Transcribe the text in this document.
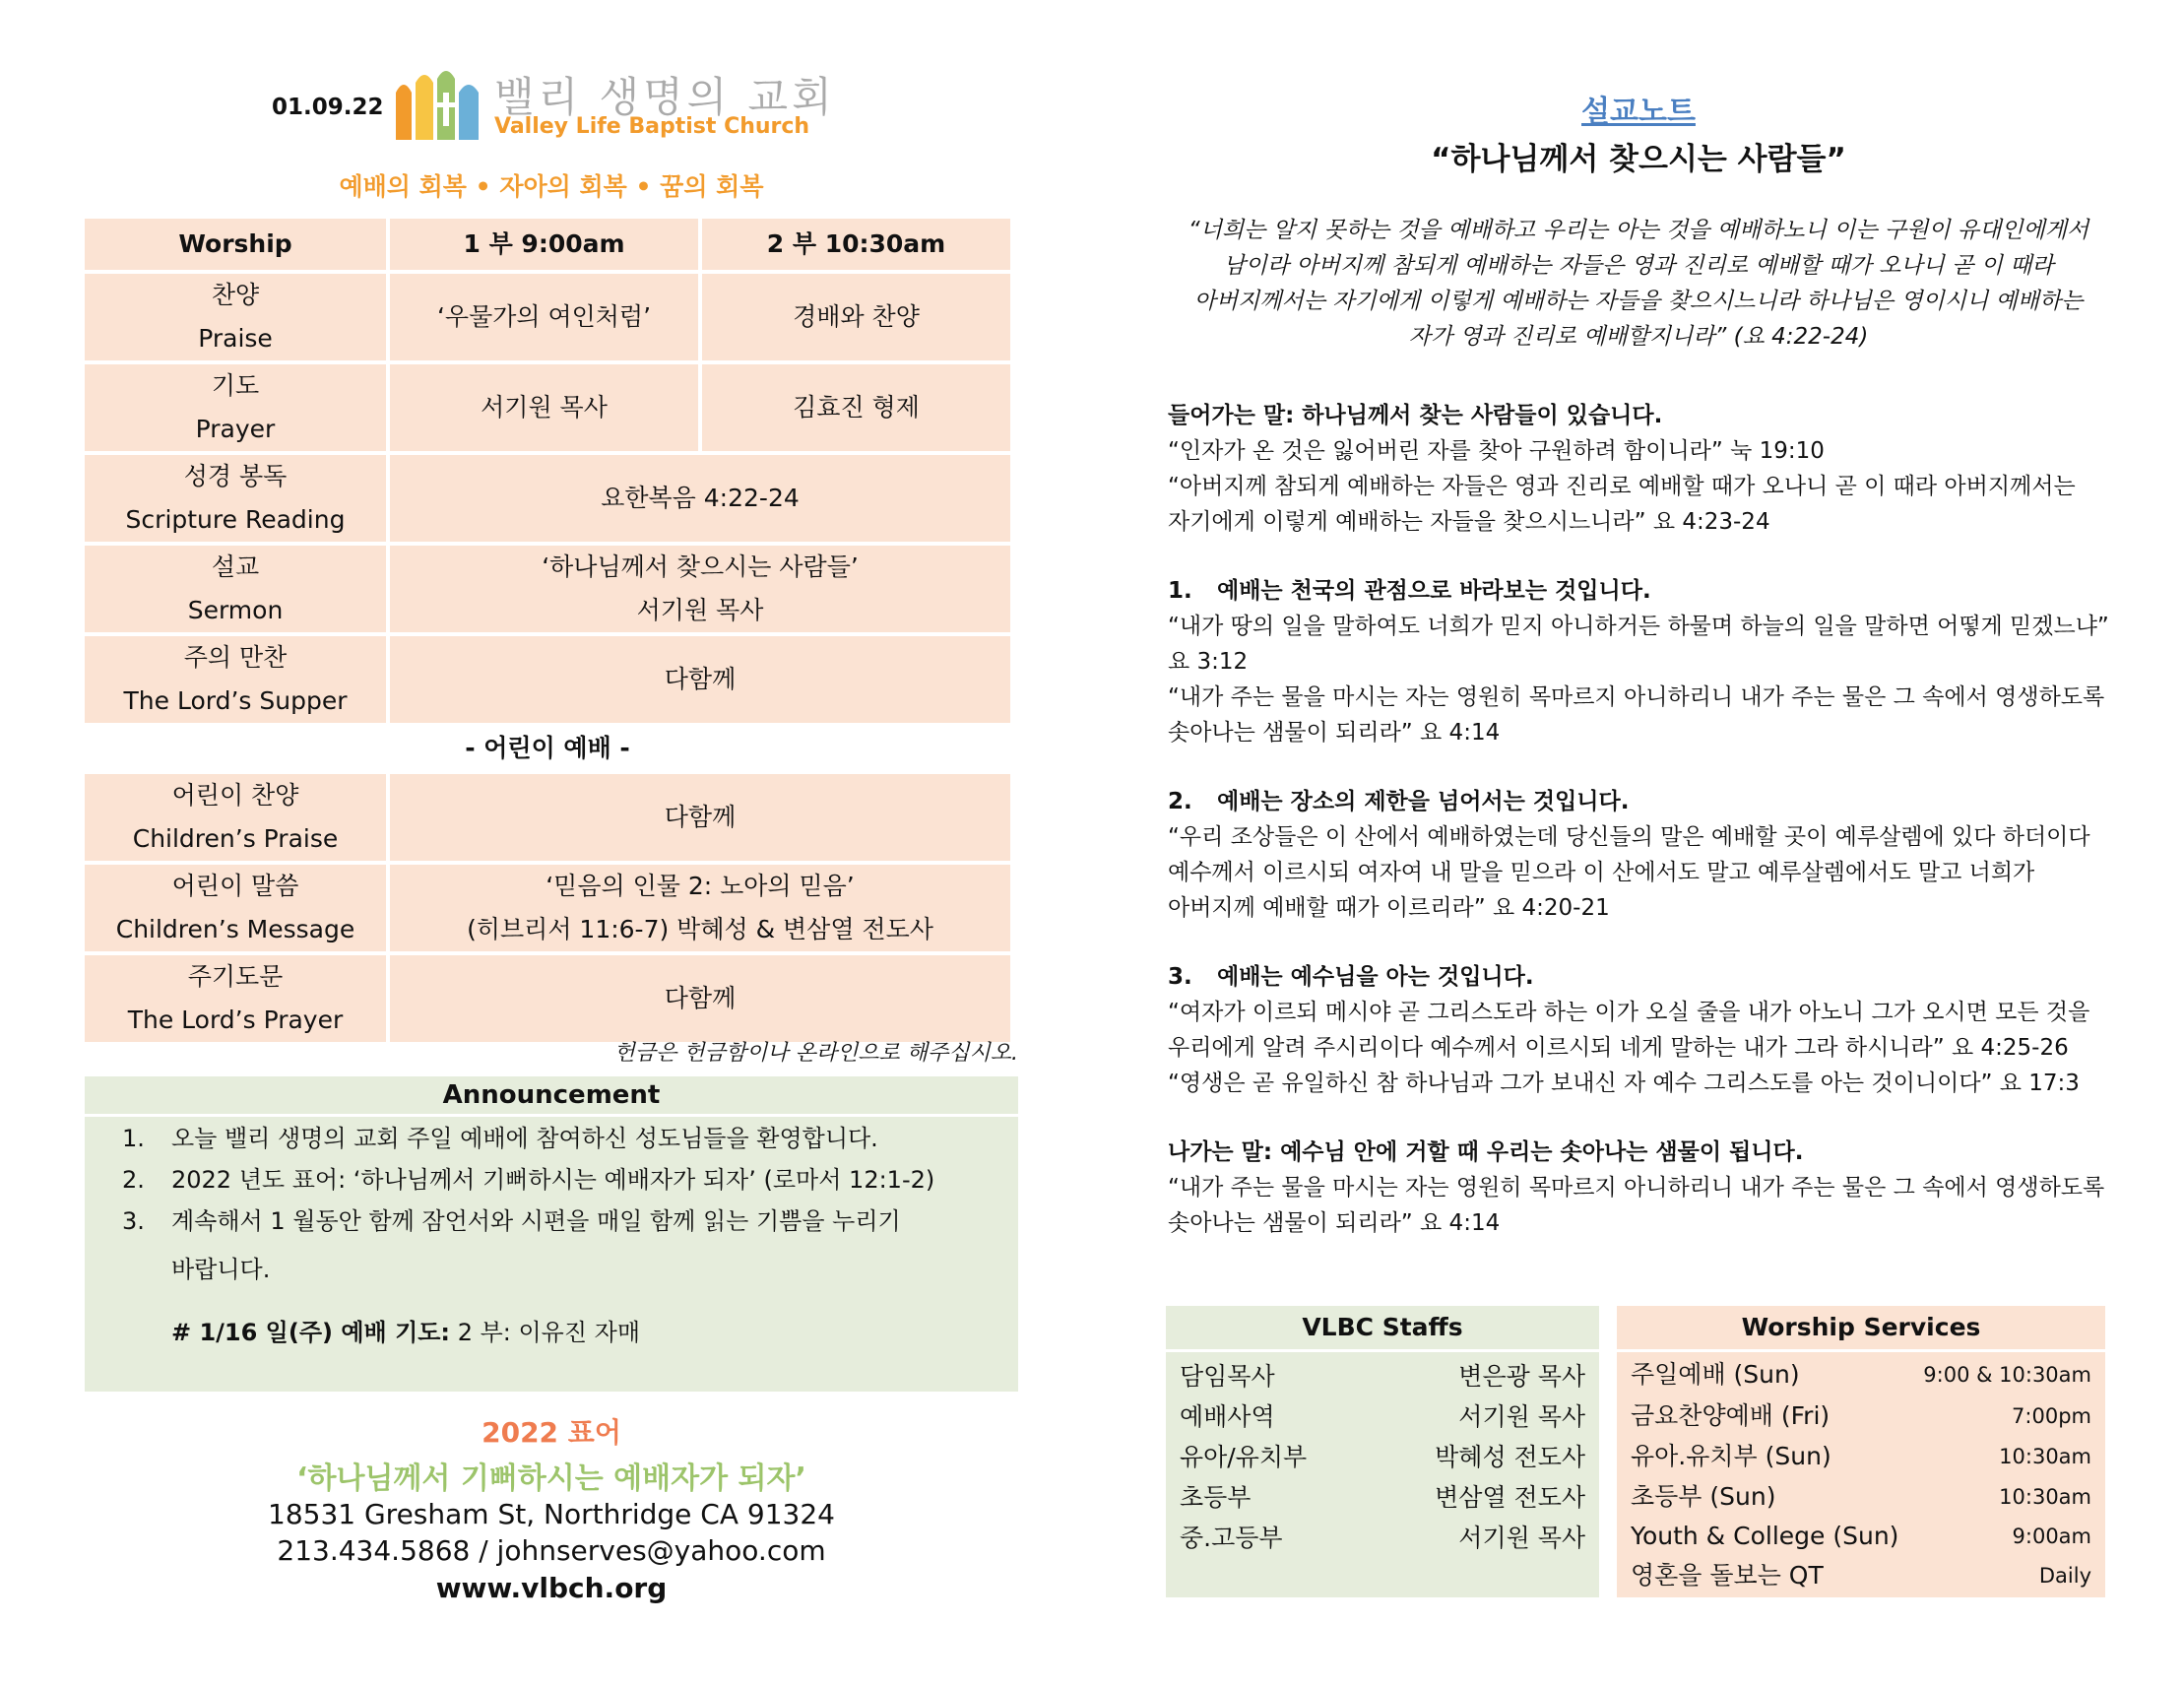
01.09.22	밸리 생명의 교회
Valley Life Baptist Church
예배의 회복 • 자아의 회복 • 꿈의 회복
Worship	1 부 9:00am	2 부 10:30am

찬양
Praise	‘우물가의 여인처럼’	경배와 찬양

기도
Prayer	서기원 목사	김효진 형제

성경 봉독
Scripture Reading	요한복음 4:22-24	

설교
Sermon	‘하나님께서 찾으시는 사람들’
서기원 목사	

주의 만찬
The Lord’s Supper	다함께	
- 어린이 예배 -		

어린이 찬양
Children’s Praise	다함께	

어린이 말씀
Children’s Message	‘믿음의 인물 2: 노아의 믿음’
(히브리서 11:6-7) 박혜성 & 변삼열 전도사	

주기도문
The Lord’s Prayer	다함께	
헌금은 헌금함이나 온라인으로 해주십시오.
Announcement
1. 오늘 밸리 생명의 교회 주일 예배에 참여하신 성도님들을 환영합니다.
2. 2022 년도 표어: ‘하나님께서 기뻐하시는 예배자가 되자’ (로마서 12:1-2)
3. 계속해서 1 월동안 함께 잠언서와 시편을 매일 함께 읽는 기쁨을 누리기
바랍니다.
# 1/16 일(주) 예배 기도: 2 부: 이유진 자매
2022 표어
‘하나님께서 기뻐하시는 예배자가 되자’
18531 Gresham St, Northridge CA 91324
213.434.5868 / johnserves@yahoo.com
www.vlbch.org
설교노트
“하나님께서 찾으시는 사람들”
“너희는 알지 못하는 것을 예배하고 우리는 아는 것을 예배하노니 이는 구원이 유대인에게서
남이라 아버지께 참되게 예배하는 자들은 영과 진리로 예배할 때가 오나니 곧 이 때라
아버지께서는 자기에게 이렇게 예배하는 자들을 찾으시느니라 하나님은 영이시니 예배하는
자가 영과 진리로 예배할지니라” (요 4:22-24)
들어가는 말: 하나님께서 찾는 사람들이 있습니다.
“인자가 온 것은 잃어버린 자를 찾아 구원하려 함이니라” 눅 19:10
“아버지께 참되게 예배하는 자들은 영과 진리로 예배할 때가 오나니 곧 이 때라 아버지께서는
자기에게 이렇게 예배하는 자들을 찾으시느니라” 요 4:23-24
1. 예배는 천국의 관점으로 바라보는 것입니다.
“내가 땅의 일을 말하여도 너희가 믿지 아니하거든 하물며 하늘의 일을 말하면 어떻게 믿겠느냐”
요 3:12
“내가 주는 물을 마시는 자는 영원히 목마르지 아니하리니 내가 주는 물은 그 속에서 영생하도록
솟아나는 샘물이 되리라” 요 4:14
2. 예배는 장소의 제한을 넘어서는 것입니다.
“우리 조상들은 이 산에서 예배하였는데 당신들의 말은 예배할 곳이 예루살렘에 있다 하더이다
예수께서 이르시되 여자여 내 말을 믿으라 이 산에서도 말고 예루살렘에서도 말고 너희가
아버지께 예배할 때가 이르리라” 요 4:20-21
3. 예배는 예수님을 아는 것입니다.
“여자가 이르되 메시야 곧 그리스도라 하는 이가 오실 줄을 내가 아노니 그가 오시면 모든 것을
우리에게 알려 주시리이다 예수께서 이르시되 네게 말하는 내가 그라 하시니라” 요 4:25-26
“영생은 곧 유일하신 참 하나님과 그가 보내신 자 예수 그리스도를 아는 것이니이다” 요 17:3
나가는 말: 예수님 안에 거할 때 우리는 솟아나는 샘물이 됩니다.
“내가 주는 물을 마시는 자는 영원히 목마르지 아니하리니 내가 주는 물은 그 속에서 영생하도록
솟아나는 샘물이 되리라” 요 4:14
VLBC Staffs
담임목사	변은광 목사
예배사역	서기원 목사
유아/유치부	박혜성 전도사
초등부	변삼열 전도사
중.고등부	서기원 목사
Worship Services
주일예배 (Sun)	9:00 & 10:30am
금요찬양예배 (Fri)	7:00pm
유아.유치부 (Sun)	10:30am
초등부 (Sun)	10:30am
Youth & College (Sun)	9:00am
영혼을 돌보는 QT	Daily
